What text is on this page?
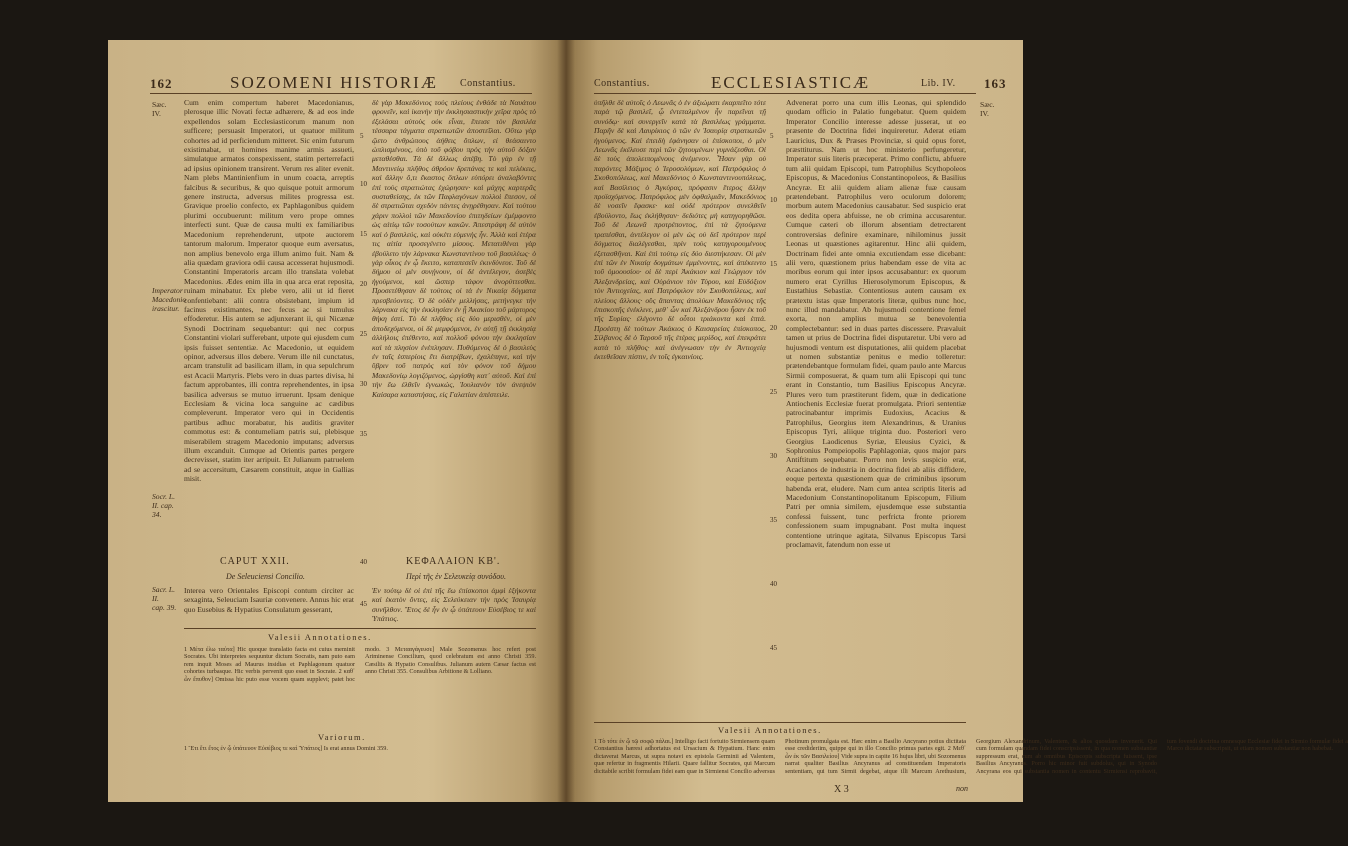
162	SOZOMENI HISTORIÆ Constantius.
Sæc.
IV.
Imperator Macedonio irascitur.
Socr. L. II. cap. 34.
Sacr. L. II.
cap. 39.
Cum enim compertum haberet Macedonianus, plerosque illic Novati fectæ adhærere, & ad eos inde expellendos solam Ecclesiasticorum manum non sufficere; persuasit Imperatori, ut quatuor militum cohortes ad id perficiendum mitteret. Sic enim futurum existimabat, ut homines manime armis assueti, simulatque armatos conspexissent, statim perterrefacti ad ipsius opinionem transirent. Verum res aliter evenit. Nam plebs Mantinienfium in unum coacta, arreptis falcibus & securibus, & quo quisque potuit armorum genere instructa, adversus milites progressa est. Gravique proelio confecto, ex Paphlagonibus quidem plurimi occubuerunt: militum vero prope omnes interfecti sunt. Quæ de causa multi ex familiaribus Macedonium reprehenderunt, utpote auctorem tantorum malorum. Imperator quoque eum aversatus, non amplius benevolo erga illum animo fuit. Nam & alia quædam graviora odii causa accesserat hujusmodi. Constantini Imperatoris arcam illo translata volebat Macedonius. Ædes enim illa in qua arca erat reposita, ruinam minabatur. Ex plebe vero, alii ut id fieret confentiebant: alii contra obsistebant, impium id facinus existimantes, nec fecus ac si tumulus effoderetur. His autem se adjunxerant ii, qui Nicænæ Synodi Doctrinam sequebantur: qui nec corpus Constantini violari sufferebant, utpote qui ejusdem cum ipsis fuisset sententiæ. Ac Macedonio, ut equidem opinor, adversus illos debere. Verum ille nil cunctatus, arcam transtulit ad basilicam illam, in qua sepulchrum est Acacii Martyris. Plebs vero in duas partes divisa, hi factum approbantes, illi contra reprehendentes, in ipsa basilica adversus se mutuo irruerunt. Ipsam denique Ecclesiam & vicina loca sanguine ac cædibus compleverunt. Imperator vero qui in Occidentis partibus adhuc morabatur, his auditis graviter commotus est: & contumeliam patris sui, plebisque miserabilem stragem Macedonio imputans; adversus illum excanduit. Cumque ad Orientis partes pergere decrevisset, statim iter arripuit. Et Julianum patruelem ad se accersitum, Cæsarem constituit, atque in Gallias misit.
δὲ γὰρ Μακεδόνιος τοὺς πλείους ἐνθάδε τὰ Ναυάτου φρονεῖν, καὶ ἱκανὴν τὴν ἐκκλησιαστικὴν χεῖρα πρὸς τὸ ἐξελάσαι αὐτοὺς οὐκ εἶναι, ἔπεισε τὸν βασιλέα τέσσαρα τάγματα στρατιωτῶν ἀποστεῖλαι. Οὕτω γὰρ ᾤετο ἀνθρώπους ἀήθεις ὅπλων, εἰ θεάσαιντο ὡπλισμένους, ὑπὸ τοῦ φόβου πρὸς τὴν αὐτοῦ δόξαν μεταθέσθαι. Τὰ δὲ ἄλλως ἀπέβη. Τὸ γὰρ ἐν τῇ Μαντινείῳ πλῆθος ἀθρόον δρεπάνας τε καὶ πελέκεις, καὶ ἄλλην ὅ,τι ἕκαστος ὅπλων εὐπόρει ἀναλαβόντες ἐπὶ τοὺς στρατιώτας ἐχώρησαν· καὶ μάχης καρτερᾶς συσταθείσης, ἐκ τῶν Παφλαγόνων πολλοὶ ἔπεσον, οἱ δὲ στρατιῶται σχεδὸν πάντες ἀνῃρέθησαν. Καὶ τούτου χάριν πολλοὶ τῶν Μακεδονίου ἐπιτηδείων ἐμέμφοντο ὡς αἰτίῳ τῶν τοσούτων κακῶν. Ἀπεστράφη δὲ αὐτὸν καὶ ὁ βασιλεύς, καὶ οὐκέτι εὐμενὴς ἦν. Ἀλλὰ καὶ ἑτέρα τις αἰτία προσεγένετο μίσους. Μετατιθέναι γὰρ ἐβούλετο τὴν λάρνακα Κωνσταντίνου τοῦ βασιλέως· ὁ γὰρ οἶκος ἐν ᾧ ἔκειτο, καταπεσεῖν ἐκινδύνευε. Τοῦ δὲ δήμου οἱ μὲν συνῄνουν, οἱ δὲ ἀντέλεγον, ἀσεβὲς ἡγούμενοι, καὶ ὥσπερ τάφον ἀνορύττεσθαι. Προσετέθησαν δὲ τούτοις οἱ τὰ ἐν Νικαίᾳ δόγματα πρεσβεύοντες. Ὁ δὲ οὐδὲν μελλήσας, μετήνεγκε τὴν λάρνακα εἰς τὴν ἐκκλησίαν ἐν ᾗ Ἀκακίου τοῦ μάρτυρος θήκη ἐστί. Τὸ δὲ πλῆθος εἰς δύο μερισθέν, οἱ μὲν ἀποδεχόμενοι, οἱ δὲ μεμφόμενοι, ἐν αὐτῇ τῇ ἐκκλησίᾳ ἀλλήλοις ἐπέθεντο, καὶ πολλοῦ φόνου τὴν ἐκκλησίαν καὶ τὰ πλησίον ἐνέπλησαν. Πυθόμενος δὲ ὁ βασιλεὺς ἐν ταῖς ἑσπερίοις ἔτι διατρίβων, ἐχαλέπηνε, καὶ τὴν ὕβριν τοῦ πατρὸς καὶ τὸν φόνον τοῦ δήμου Μακεδονίῳ λογιζόμενος, ὠργίσθη κατ᾿ αὐτοῦ. Καὶ ἐπὶ τὴν ἕω ἐλθεῖν ἐγνωκώς, Ἰουλιανὸν τὸν ἀνεψιὸν Καίσαρα καταστήσας, εἰς Γαλατίαν ἀπέστειλε.
5
10
15
20
25
30
35
40
45
CAPUT XXII.
De Seleuciensi Concilio.
ΚΕΦΑΛΑΙΟΝ ΚΒ'.
Περὶ τῆς ἐν Σελευκείᾳ συνόδου.
Interea vero Orientales Episcopi contum circiter ac sexaginta, Seleuciam Isauriæ convenere. Annus hic erat quo Eusebius & Hypatius Consulatum gesserant,
Ἐν τούτῳ δὲ οἱ ἐπὶ τῆς ἕω ἐπίσκοποι ἀμφὶ ἑξήκοντα καὶ ἑκατὸν ὄντες, εἰς Σελεύκειαν τὴν πρὸς Ἰσαυρίᾳ συνῆλθον. Ἔτος δὲ ἦν ἐν ᾧ ὑπάτευον Εὐσέβιος τε καὶ Ὑπάτιος.
Valesii Annotationes.
1 Μέτα ἐλω ταύτα] Hic quoque translatio facta est cuius meminit Socrates. Ubi interpretes sequuntur dictum Socratis, nam puto eam rem inquit Moses ad Maurus insidias et Paphlagonum quatuor cohortes turbasque. Hic verbis pervenit quo esset in Socrate. 2 καθ᾿ ὧν ἔπυθον] Omissa hic puto esse vocem quam supplevi; patet hoc modo. 3 Μετααγάγευσε] Male Sozomenus hoc refert post Ariminense Concilium, quod celebratum est anno Christi 359. Cæsiliis & Hypatio Consulibus. Julianum autem Cæsar factus est anno Christi 355. Consulibus Arbitione & Lolliano.
Variorum.
1 Ἔτι ἔτι ἔτος ἐν ᾧ ὑπάτευον Εὐσέβιος τε καὶ Ὑπάτιος] Is erat annus Domini 359.
Constantius.	ECCLESIASTICÆ	Lib. IV. 163
Sæc.
IV.
ὑπῆλθε δὲ αὐτοῖς ὁ Λεωνᾶς ὁ ἐν ἀξιώματι ἐκαρπεῖτο τότε παρὰ τῷ βασιλεῖ, ᾧ ἐντεταλμένον ἦν παρεῖναι τῇ συνόδῳ· καὶ συνεργεῖν κατὰ τὰ βασιλέως γράμματα. Παρῆν δὲ καὶ Λαυρίκιος ὁ τῶν ἐν Ἰσαυρίᾳ στρατιωτῶν ἡγούμενος. Καὶ ἐπειδὴ ἐφάνησαν οἱ ἐπίσκοποι, ὁ μὲν Λεωνᾶς ἐκέλευσε περὶ τῶν ζητουμένων γυμνάζεσθαι. Οἱ δὲ τοὺς ἀπολειπομένους ἀνέμενον. Ἦσαν γὰρ οὐ παρόντες Μάξιμος ὁ Ἱεροσολύμων, καὶ Πατρόφιλος ὁ Σκυθοπόλεως, καὶ Μακεδόνιος ὁ Κωνσταντινουπόλεως, καὶ Βασίλειος ὁ Ἀγκύρας, πρόφασιν ἕτερος ἄλλην προϊσχόμενος. Πατρόφιλος μὲν ὀφθαλμιᾶν, Μακεδόνιος δὲ νοσεῖν ἔφασκε· καὶ οὐδὲ πρότερον συνελθεῖν ἐβούλοντο, ἕως ἐκλήθησαν· δεδιότες μὴ κατηγορηθῶσι. Τοῦ δὲ Λεωνᾶ προτρέποντος, ἐπὶ τὰ ζητούμενα τραπέσθαι, ἀντέλεγον οἱ μὲν ὡς οὐ δεῖ πρότερον περὶ δόγματος διαλέγεσθαι, πρὶν τοὺς κατηγορουμένους ἐξετασθῆναι. Καὶ ἐπὶ τούτῳ εἰς δύο διεστήκεσαν. Οἱ μὲν ἐπὶ τῶν ἐν Νικαίᾳ δογμάτων ἐμμένοντες, καὶ ἀπέκειντο τοῦ ὁμοουσίου· οἱ δὲ περὶ Ἀκάκιον καὶ Γεώργιον τὸν Ἀλεξανδρείας, καὶ Οὐράνιον τὸν Τύρου, καὶ Εὐδόξιον τὸν Ἀντιοχείας, καὶ Πατρόφιλον τὸν Σκυθοπόλεως, καὶ πλείους ἄλλους· οὓς ἅπαντας ἀπολύων Μακεδόνιος τῆς ἐπισκοπῆς ἐνέκλινε, μεθ᾿ ὧν καὶ Ἀλεξάνδρου ἦσαν ἐκ τοῦ τῆς Συρίας· ἐλέγοντο δὲ οὗτοι τριάκοντα καὶ ἑπτά. Προέστη δὲ τούτων Ἀκάκιος ὁ Καισαρείας ἐπίσκοπος, Σίλβανος δὲ ὁ Ταρσοῦ τῆς ἑτέρας μερίδος, καὶ ἐπεκράτει κατὰ τὸ πλῆθος· καὶ ἀνέγνωσαν τὴν ἐν Ἀντιοχείᾳ ἐκτεθεῖσαν πίστιν, ἐν τοῖς ἐγκαινίοις.
Advenerat porro una cum illis Leonas, qui splendido quodam officio in Palatio fungebatur. Quem quidem Imperator Concilio interesse adesse jusserat, ut eo præsente de Doctrina fidei inquireretur. Aderat etiam Lauricius, Dux & Præses Provinciæ, si quid opus foret, præsttiturus. Nam ut hoc ministerio perfungeretur, Imperator suis literis præceperat. Primo conflictu, abfuere tum alii quidam Episcopi, tum Patrophilus Scythopoleos Episcopus, & Macedonius Constantinopoleos, & Basilius Ancyræ. Et alii quidem aliam alienæ fuæ causam prætendebant. Patrophilus vero oculorum dolorem; morbum autem Macedonius causabatur. Sed suspicio erat eos dedita opera abfuisse, ne ob crimina accusarentur. Cumque cæteri ob illorum absentiam detrectarent controversias definire examinare, nihilominus jussit Leonas ut quæstiones agitarentur. Hinc alii quidem, Doctrinam fidei ante omnia excutiendam esse dicebant: alii vero, quæstionem prius habendam esse de vita ac moribus eorum qui inter ipsos accusabantur: ex quorum numero erat Cyrillus Hierosolymorum Episcopus, & Eustathius Sebastiæ. Contentiosus autem causam ex prætextu istas quæ Imperatoris literæ, quibus nunc hoc, nunc illud mandabatur. Ab hujusmodi contentione femel exorta, non amplius mutua se benevolentia complectebantur: sed in duas partes discessere. Prævaluit tamen ut prius de Doctrina fidei disputaretur. Ubi vero ad hujusmodi ventum est disputationes, alii quidem placebat ut nomen substantiæ penitus e medio tolleretur: prætendebantque formulam fidei, quam paulo ante Marcus Sirmii composuerat, & quam tum alii Episcopi qui tunc erant in Constantio, tum Basilius Episcopus Ancyræ. Plures vero tum præstiterunt fidem, quæ in dedicatione Antiochenis Ecclesiæ fuerat promulgata. Priori sententiæ patrocinabantur imprimis Eudoxius, Acacius & Patrophilus, Georgius item Alexandrinus, & Uranius Episcopus Tyri, aliique triginta duo. Posteriori vero Georgius Laodicenus Syriæ, Eleusius Cyzici, & Sophronius Pompeiopolis Paphlagoniæ, quos major pars Antiftitum sequebatur. Porro non levis suspicio erat, Acacianos de industria in doctrina fidei ab aliis diffidere, eoque pertexta quæstionem quæ de criminibus ipsorum habenda erat, eludere. Nam cum antea scriptis literis ad Macedonium Constantinopolitanum Episcopum, Filium Patri per omnia similem, ejusdemque esse substantia confessi fuissent, tunc perfricta fronte priorem confessionem suam impugnabant. Post multa inquest contentione utrinque agitata, Silvanus Episcopus Tarsi proclamavit, fatendum non esse ut
5
10
15
20
25
30
35
40
45
Valesii Annotationes.
1 Τὸ τότε ἐν ᾧ τῷ σοφῷ πάλαι.] Intelligo facti fortuito Sirmiensem quam Constantius hæresi adhortatus est Ursacium & Hypatium. Hanc enim dictaverat Marcus, ut supra notavi ex epistola Germinii ad Valentem, quæ refertur in fragmentis Hilarii. Quare fallitur Socrates, qui Marcum dicitabile scribit formulam fidei eam quæ in Sirmiensi Concilio adversus Photinum promulgata est. Hæc enim a Basilio Ancyrano potius dictitata esse credideriim, quippe qui in illo Concilio primus partes egit. 2 Μεθ᾿ ὧν ἐκ τῶν Βασιλείου] Vide supra in capite 16 hujus libri, ubi Sozomenus narrat qualiter Basilius Ancyranus ad constituendam Imperatoris sententiam, qui tum Sirmii degebat, atque illi Marcum Arethusium, Georgium Alexandrinum, Valentem, & alios quosdam invenerit. Qui cum formulam quandam fidei conscripsissent, in qua nomen substantiæ suppressum erat, cum ab omnibus Episcopis subscripta fuissent, ipse Basilius Ancyranus. Porro hic minor fuit subdolus, qui in Synodo Ancyrana eos qui substantia nomen in contentu Sirmiensi reprobavit, tum fovendi doctrina omnesque Ecclesiæ fidei in Sirmio formulæ fidei a Marco dictatæ subscripsit, ut etiam nomen substantiæ non habebat.
X 3	non
